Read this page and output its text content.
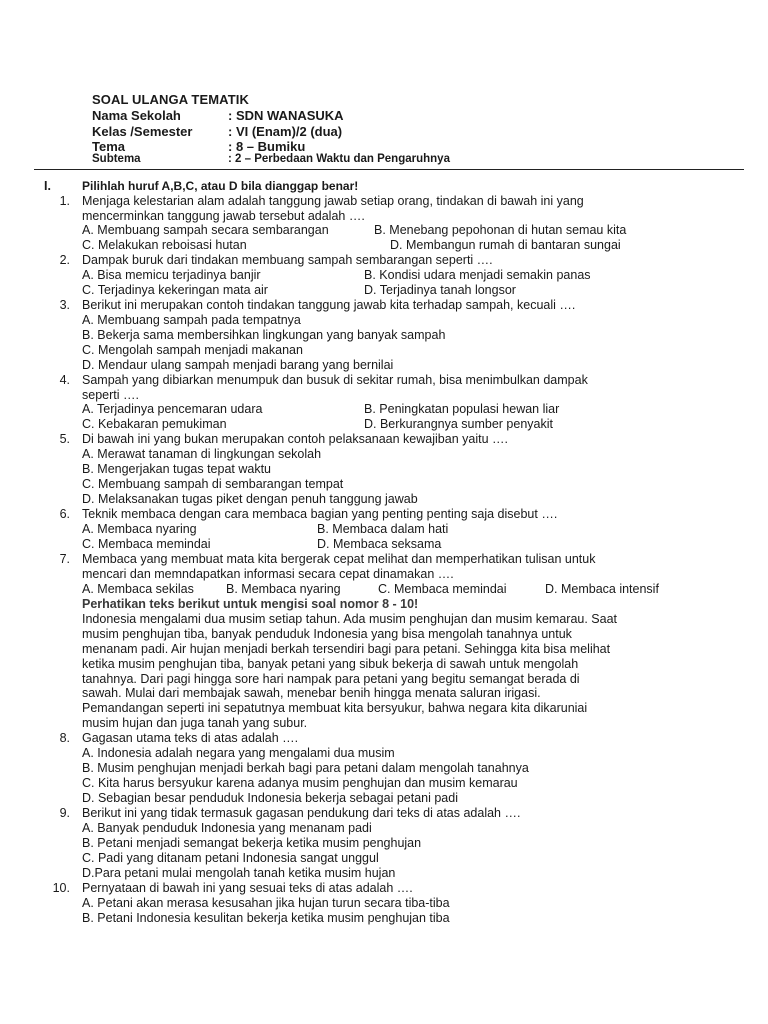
SOAL ULANGA TEMATIK
Nama Sekolah	: SDN WANASUKA
Kelas /Semester	: VI (Enam)/2 (dua)
Tema	: 8 – Bumiku
Subtema	: 2 – Perbedaan Waktu dan Pengaruhnya
I.	Pilihlah huruf A,B,C, atau D bila dianggap benar!
1. Menjaga kelestarian alam adalah tanggung jawab setiap orang, tindakan di bawah ini yang
mencerminkan tanggung jawab tersebut adalah ….
A. Membuang sampah secara sembarangan	B. Menebang pepohonan di hutan semau kita
C. Melakukan reboisasi hutan	D. Membangun rumah di bantaran sungai
2. Dampak buruk dari tindakan membuang sampah sembarangan seperti ….
A. Bisa memicu terjadinya banjir	B. Kondisi udara menjadi semakin panas
C. Terjadinya kekeringan mata air	D. Terjadinya tanah longsor
3. Berikut ini merupakan contoh tindakan tanggung jawab kita terhadap sampah, kecuali ….
A. Membuang sampah pada tempatnya
B. Bekerja sama membersihkan lingkungan yang banyak sampah
C. Mengolah sampah menjadi makanan
D. Mendaur ulang sampah menjadi barang yang bernilai
4. Sampah yang dibiarkan menumpuk dan busuk di sekitar rumah, bisa menimbulkan dampak
seperti ….
A. Terjadinya pencemaran udara	B. Peningkatan populasi hewan liar
C. Kebakaran pemukiman	D. Berkurangnya sumber penyakit
5. Di bawah ini yang bukan merupakan contoh pelaksanaan kewajiban yaitu ….
A. Merawat tanaman di lingkungan sekolah
B. Mengerjakan tugas tepat waktu
C. Membuang sampah di sembarangan tempat
D. Melaksanakan tugas piket dengan penuh tanggung jawab
6. Teknik membaca dengan cara membaca bagian yang penting penting saja disebut ….
A. Membaca nyaring	B. Membaca dalam hati
C. Membaca memindai	D. Membaca seksama
7. Membaca yang membuat mata kita bergerak cepat melihat dan memperhatikan tulisan untuk
mencari dan memndapatkan informasi secara cepat dinamakan ….
A. Membaca sekilas	B. Membaca nyaring	C. Membaca memindai	D. Membaca intensif
Perhatikan teks berikut untuk mengisi soal nomor 8 - 10!
Indonesia mengalami dua musim setiap tahun. Ada musim penghujan dan musim kemarau. Saat
musim penghujan tiba, banyak penduduk Indonesia yang bisa mengolah tanahnya untuk
menanam padi. Air hujan menjadi berkah tersendiri bagi para petani. Sehingga kita bisa melihat
ketika musim penghujan tiba, banyak petani yang sibuk bekerja di sawah untuk mengolah
tanahnya. Dari pagi hingga sore hari nampak para petani yang begitu semangat berada di
sawah. Mulai dari membajak sawah, menebar benih hingga menata saluran irigasi.
Pemandangan seperti ini sepatutnya membuat kita bersyukur, bahwa negara kita dikaruniai
musim hujan dan juga tanah yang subur.
8. Gagasan utama teks di atas adalah ….
A. Indonesia adalah negara yang mengalami dua musim
B. Musim penghujan menjadi berkah bagi para petani dalam mengolah tanahnya
C. Kita harus bersyukur karena adanya musim penghujan dan musim kemarau
D. Sebagian besar penduduk Indonesia bekerja sebagai petani padi
9. Berikut ini yang tidak termasuk gagasan pendukung dari teks di atas adalah ….
A. Banyak penduduk Indonesia yang menanam padi
B. Petani menjadi semangat bekerja ketika musim penghujan
C. Padi yang ditanam petani Indonesia sangat unggul
D.Para petani mulai mengolah tanah ketika musim hujan
10. Pernyataan di bawah ini yang sesuai teks di atas adalah ….
A. Petani akan merasa kesusahan jika hujan turun secara tiba-tiba
B. Petani Indonesia kesulitan bekerja ketika musim penghujan tiba
